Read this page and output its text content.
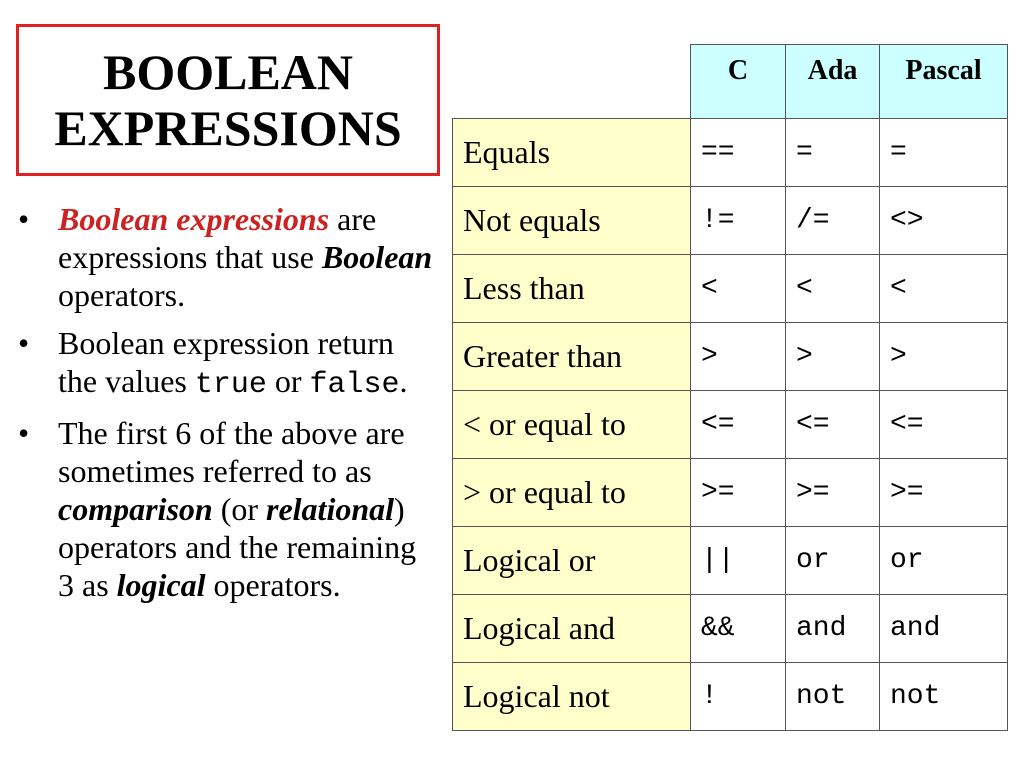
BOOLEAN
EXPRESSIONS
• Boolean expressions are expressions that use Boolean operators.
• Boolean expression return the values true or false.
• The first 6 of the above are sometimes referred to as comparison (or relational) operators and the remaining 3 as logical operators.
	C	Ada	Pascal
Equals	==	=	=
Not equals	!=	/=	<>
Less than	<	<	<
Greater than	>	>	>
< or equal to	<=	<=	<=
> or equal to	>=	>=	>=
Logical or	||	or	or
Logical and	&&	and	and
Logical not	!	not	not
